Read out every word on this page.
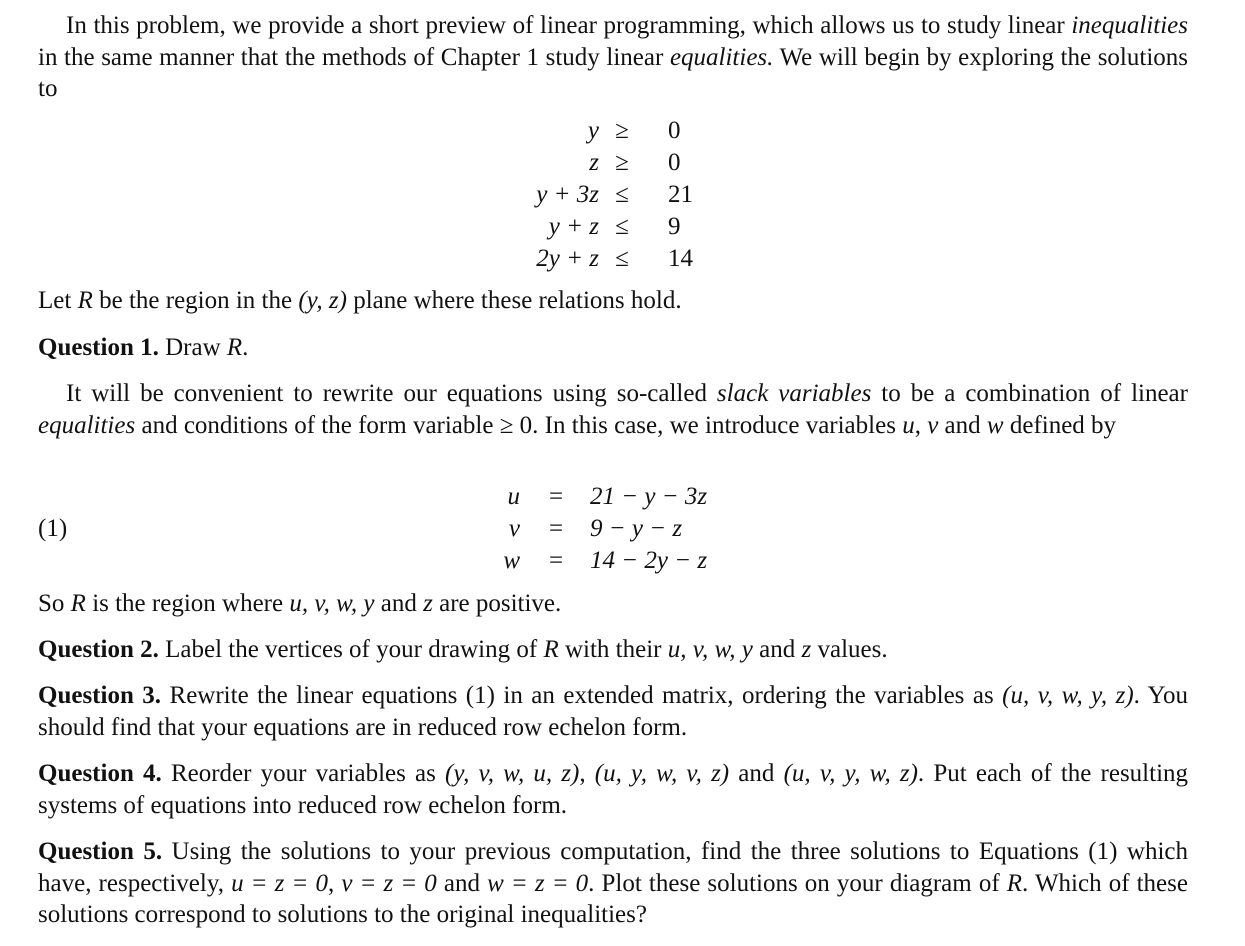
In this problem, we provide a short preview of linear programming, which allows us to study linear inequalities in the same manner that the methods of Chapter 1 study linear equalities. We will begin by exploring the solutions to

y ≥	0
z ≥	0
y + 3z ≤	21
y + z ≤	9
2y + z ≤	14

Let R be the region in the (y, z) plane where these relations hold.

Question 1. Draw R.

It will be convenient to rewrite our equations using so-called slack variables to be a combination of linear equalities and conditions of the form variable ≥ 0. In this case, we introduce variables u, v and w defined by

(1)
u	=	21 − y − 3z
v	=	9 − y − z
w	=	14 − 2y − z

So R is the region where u, v, w, y and z are positive.

Question 2. Label the vertices of your drawing of R with their u, v, w, y and z values.

Question 3. Rewrite the linear equations (1) in an extended matrix, ordering the variables as (u, v, w, y, z). You should find that your equations are in reduced row echelon form.

Question 4. Reorder your variables as (y, v, w, u, z), (u, y, w, v, z) and (u, v, y, w, z). Put each of the resulting systems of equations into reduced row echelon form.

Question 5. Using the solutions to your previous computation, find the three solutions to Equations (1) which have, respectively, u = z = 0, v = z = 0 and w = z = 0. Plot these solutions on your diagram of R. Which of these solutions correspond to solutions to the original inequalities?
